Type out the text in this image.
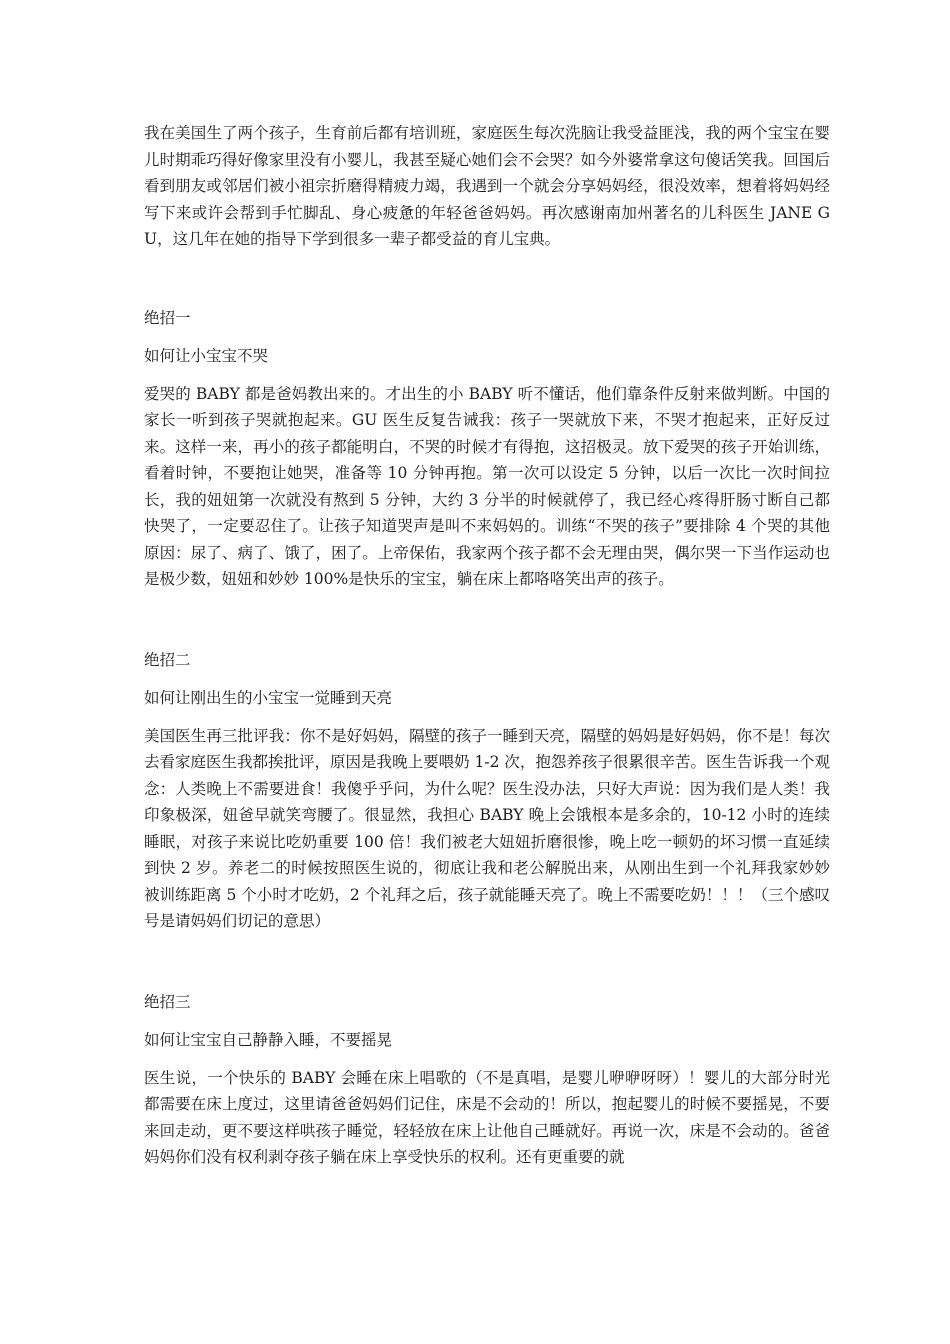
我在美国生了两个孩子，生育前后都有培训班，家庭医生每次洗脑让我受益匪浅，我的两个宝宝在婴儿时期乖巧得好像家里没有小婴儿，我甚至疑心她们会不会哭？如今外婆常拿这句傻话笑我。回国后看到朋友或邻居们被小祖宗折磨得精疲力竭，我遇到一个就会分享妈妈经，很没效率，想着将妈妈经写下来或许会帮到手忙脚乱、身心疲惫的年轻爸爸妈妈。再次感谢南加州著名的儿科医生 JANE GU，这几年在她的指导下学到很多一辈子都受益的育儿宝典。

绝招一

如何让小宝宝不哭

爱哭的 BABY 都是爸妈教出来的。才出生的小 BABY 听不懂话，他们靠条件反射来做判断。中国的家长一听到孩子哭就抱起来。GU 医生反复告诫我：孩子一哭就放下来，不哭才抱起来，正好反过来。这样一来，再小的孩子都能明白，不哭的时候才有得抱，这招极灵。放下爱哭的孩子开始训练，看着时钟，不要抱让她哭，准备等 10 分钟再抱。第一次可以设定 5 分钟，以后一次比一次时间拉长，我的妞妞第一次就没有熬到 5 分钟，大约 3 分半的时候就停了，我已经心疼得肝肠寸断自己都快哭了，一定要忍住了。让孩子知道哭声是叫不来妈妈的。训练“不哭的孩子”要排除 4 个哭的其他原因：尿了、病了、饿了，困了。上帝保佑，我家两个孩子都不会无理由哭，偶尔哭一下当作运动也是极少数，妞妞和妙妙 100%是快乐的宝宝，躺在床上都咯咯笑出声的孩子。

绝招二

如何让刚出生的小宝宝一觉睡到天亮

美国医生再三批评我：你不是好妈妈，隔壁的孩子一睡到天亮，隔壁的妈妈是好妈妈，你不是！每次去看家庭医生我都挨批评，原因是我晚上要喂奶 1-2 次，抱怨养孩子很累很辛苦。医生告诉我一个观念：人类晚上不需要进食！我傻乎乎问，为什么呢？医生没办法，只好大声说：因为我们是人类！我印象极深，妞爸早就笑弯腰了。很显然，我担心 BABY 晚上会饿根本是多余的，10-12 小时的连续睡眠，对孩子来说比吃奶重要 100 倍！我们被老大妞妞折磨很惨，晚上吃一顿奶的坏习惯一直延续到快 2 岁。养老二的时候按照医生说的，彻底让我和老公解脱出来，从刚出生到一个礼拜我家妙妙被训练距离 5 个小时才吃奶，2 个礼拜之后，孩子就能睡天亮了。晚上不需要吃奶！！！（三个感叹号是请妈妈们切记的意思）

绝招三

如何让宝宝自己静静入睡，不要摇晃

医生说，一个快乐的 BABY 会睡在床上唱歌的（不是真唱，是婴儿咿咿呀呀）！婴儿的大部分时光都需要在床上度过，这里请爸爸妈妈们记住，床是不会动的！所以，抱起婴儿的时候不要摇晃，不要来回走动，更不要这样哄孩子睡觉，轻轻放在床上让他自己睡就好。再说一次，床是不会动的。爸爸妈妈你们没有权利剥夺孩子躺在床上享受快乐的权利。还有更重要的就
